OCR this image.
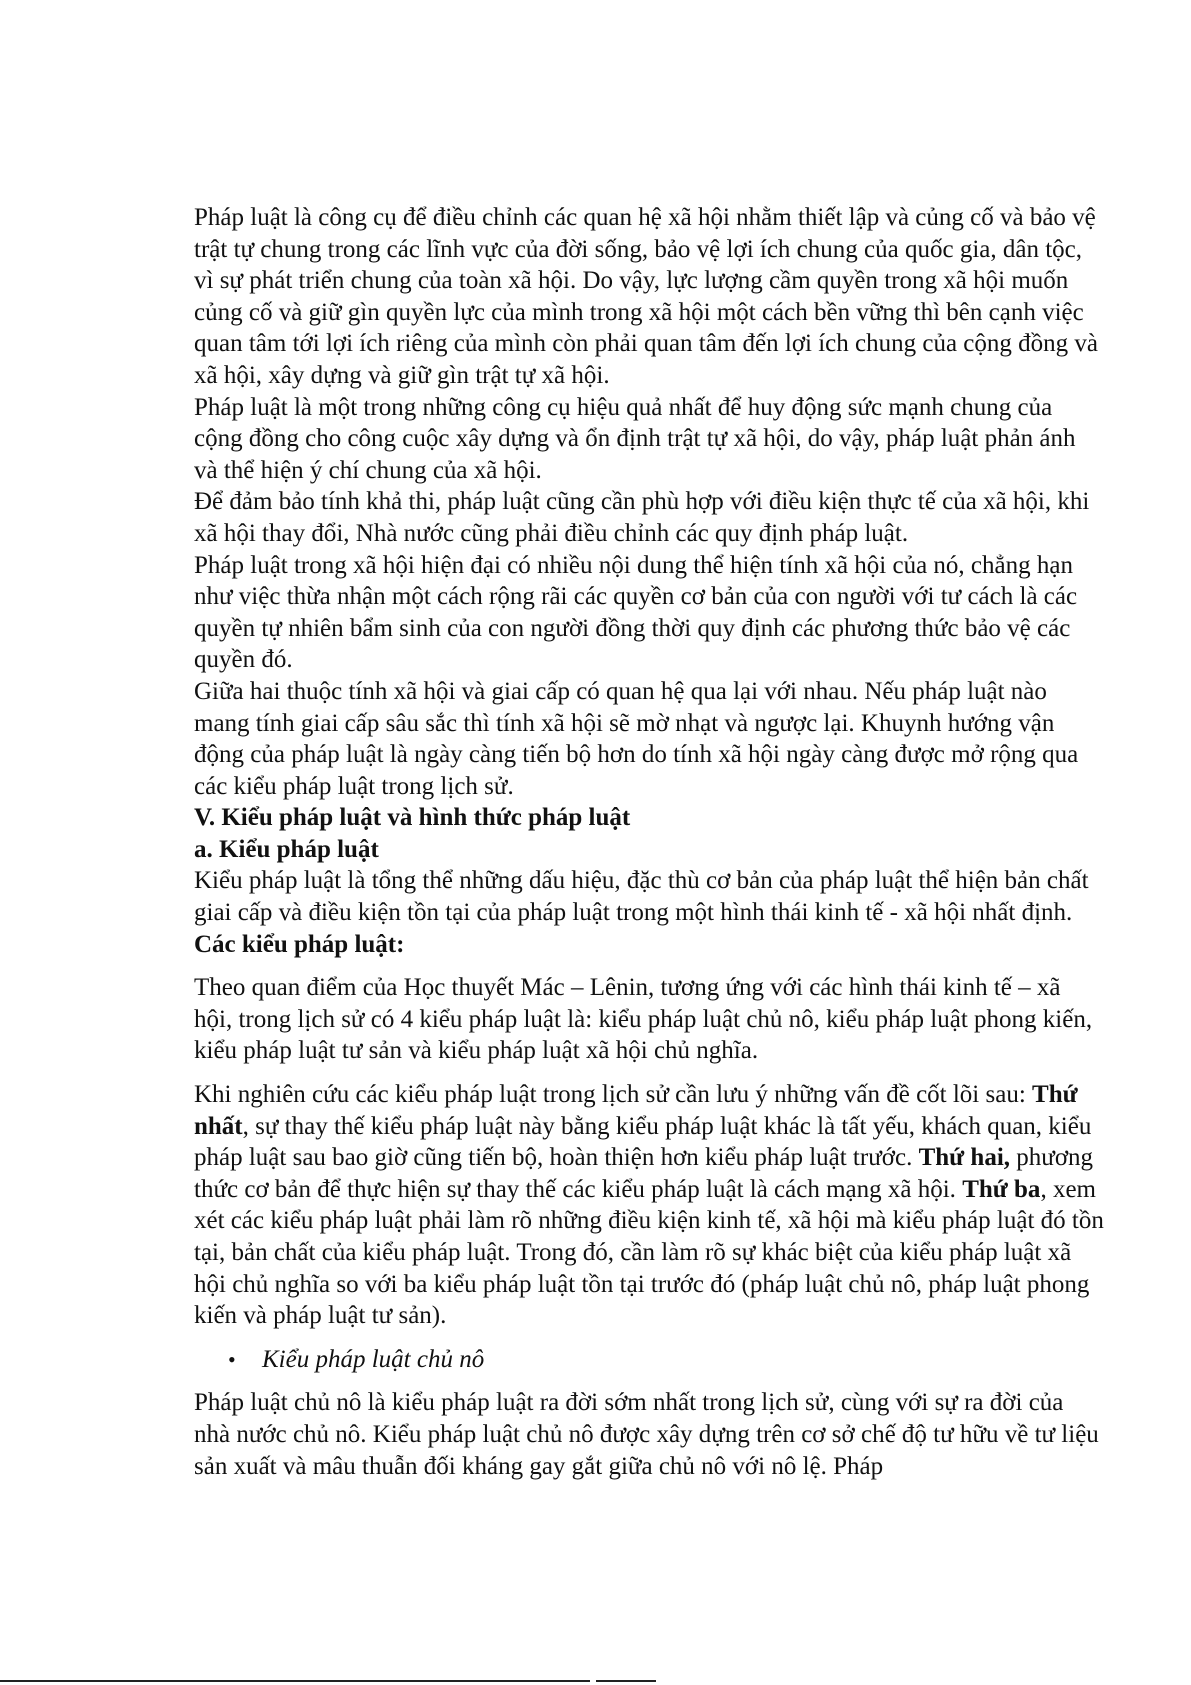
Pháp luật là công cụ để điều chỉnh các quan hệ xã hội nhằm thiết lập và củng cố và bảo vệ trật tự chung trong các lĩnh vực của đời sống, bảo vệ lợi ích chung của quốc gia, dân tộc, vì sự phát triển chung của toàn xã hội. Do vậy, lực lượng cầm quyền trong xã hội muốn củng cố và giữ gìn quyền lực của mình trong xã hội một cách bền vững thì bên cạnh việc quan tâm tới lợi ích riêng của mình còn phải quan tâm đến lợi ích chung của cộng đồng và xã hội, xây dựng và giữ gìn trật tự xã hội.

Pháp luật là một trong những công cụ hiệu quả nhất để huy động sức mạnh chung của cộng đồng cho công cuộc xây dựng và ổn định trật tự xã hội, do vậy, pháp luật phản ánh và thể hiện ý chí chung của xã hội.

Để đảm bảo tính khả thi, pháp luật cũng cần phù hợp với điều kiện thực tế của xã hội, khi xã hội thay đổi, Nhà nước cũng phải điều chỉnh các quy định pháp luật.

Pháp luật trong xã hội hiện đại có nhiều nội dung thể hiện tính xã hội của nó, chẳng hạn như việc thừa nhận một cách rộng rãi các quyền cơ bản của con người với tư cách là các quyền tự nhiên bẩm sinh của con người đồng thời quy định các phương thức bảo vệ các quyền đó.

Giữa hai thuộc tính xã hội và giai cấp có quan hệ qua lại với nhau. Nếu pháp luật nào mang tính giai cấp sâu sắc thì tính xã hội sẽ mờ nhạt và ngược lại. Khuynh hướng vận động của pháp luật là ngày càng tiến bộ hơn do tính xã hội ngày càng được mở rộng qua các kiểu pháp luật trong lịch sử.

V. Kiểu pháp luật và hình thức pháp luật

a. Kiểu pháp luật

Kiểu pháp luật là tổng thể những dấu hiệu, đặc thù cơ bản của pháp luật thể hiện bản chất giai cấp và điều kiện tồn tại của pháp luật trong một hình thái kinh tế - xã hội nhất định.

Các kiểu pháp luật:

Theo quan điểm của Học thuyết Mác – Lênin, tương ứng với các hình thái kinh tế – xã hội, trong lịch sử có 4 kiểu pháp luật là: kiểu pháp luật chủ nô, kiểu pháp luật phong kiến, kiểu pháp luật tư sản và kiểu pháp luật xã hội chủ nghĩa.

Khi nghiên cứu các kiểu pháp luật trong lịch sử cần lưu ý những vấn đề cốt lõi sau: Thứ nhất, sự thay thế kiểu pháp luật này bằng kiểu pháp luật khác là tất yếu, khách quan, kiểu pháp luật sau bao giờ cũng tiến bộ, hoàn thiện hơn kiểu pháp luật trước. Thứ hai, phương thức cơ bản để thực hiện sự thay thế các kiểu pháp luật là cách mạng xã hội. Thứ ba, xem xét các kiểu pháp luật phải làm rõ những điều kiện kinh tế, xã hội mà kiểu pháp luật đó tồn tại, bản chất của kiểu pháp luật. Trong đó, cần làm rõ sự khác biệt của kiểu pháp luật xã hội chủ nghĩa so với ba kiểu pháp luật tồn tại trước đó (pháp luật chủ nô, pháp luật phong kiến và pháp luật tư sản).

•	Kiểu pháp luật chủ nô

Pháp luật chủ nô là kiểu pháp luật ra đời sớm nhất trong lịch sử, cùng với sự ra đời của nhà nước chủ nô. Kiểu pháp luật chủ nô được xây dựng trên cơ sở chế độ tư hữu về tư liệu sản xuất và mâu thuẫn đối kháng gay gắt giữa chủ nô với nô lệ. Pháp
